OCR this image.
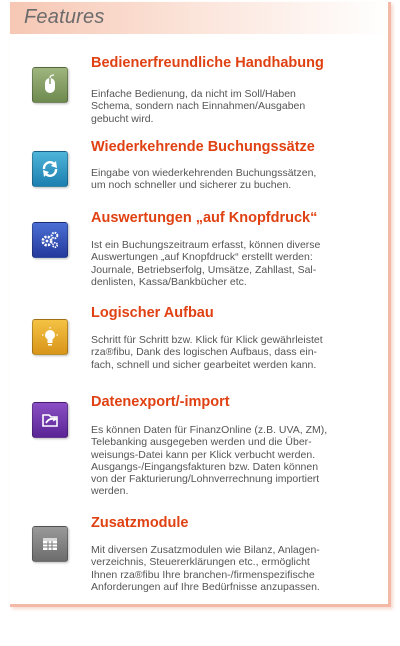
Features
Bedienerfreundliche Handhabung
Einfache Bedienung, da nicht im Soll/Haben
Schema, sondern nach Einnahmen/Ausgaben
gebucht wird.
Wiederkehrende Buchungssätze
Eingabe von wiederkehrenden Buchungssätzen,
um noch schneller und sicherer zu buchen.
Auswertungen „auf Knopfdruck“
Ist ein Buchungszeitraum erfasst, können diverse
Auswertungen „auf Knopfdruck“ erstellt werden:
Journale, Betriebserfolg, Umsätze, Zahllast, Sal-
denlisten, Kassa/Bankbücher etc.
Logischer Aufbau
Schritt für Schritt bzw. Klick für Klick gewährleistet
rza®fibu, Dank des logischen Aufbaus, dass ein-
fach, schnell und sicher gearbeitet werden kann.
Datenexport/-import
Es können Daten für FinanzOnline (z.B. UVA, ZM),
Telebanking ausgegeben werden und die Über-
weisungs-Datei kann per Klick verbucht werden.
Ausgangs-/Eingangsfakturen bzw. Daten können
von der Fakturierung/Lohnverrechnung importiert
werden.
Zusatzmodule
Mit diversen Zusatzmodulen wie Bilanz, Anlagen-
verzeichnis, Steuererklärungen etc., ermöglicht
Ihnen rza®fibu Ihre branchen-/firmenspezifische
Anforderungen auf Ihre Bedürfnisse anzupassen.
